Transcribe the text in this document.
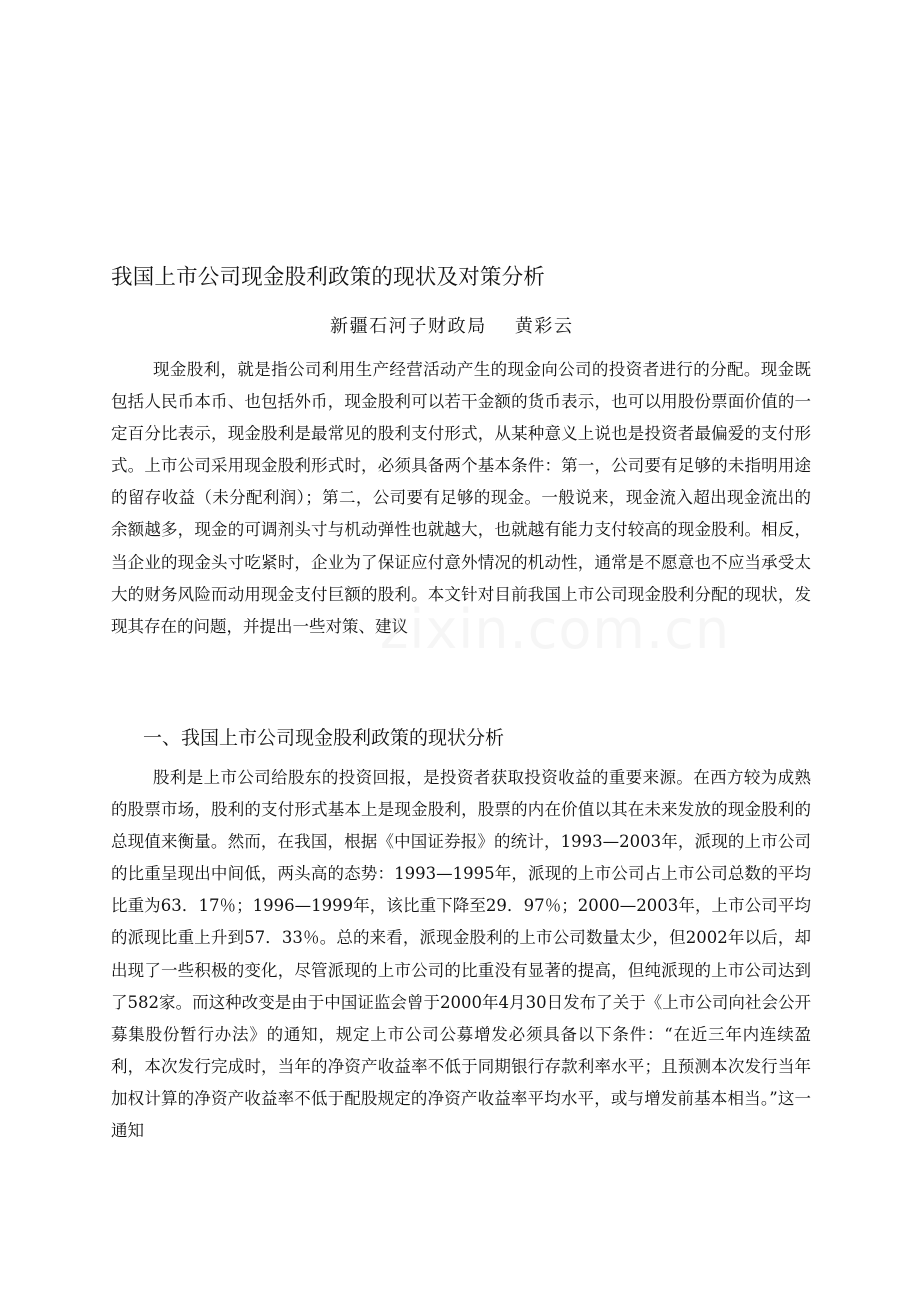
我国上市公司现金股利政策的现状及对策分析
新疆石河子财政局 黄彩云

现金股利，就是指公司利用生产经营活动产生的现金向公司的投资者进行的分配。现金既包括人民币本币、也包括外币，现金股利可以若干金额的货币表示，也可以用股份票面价值的一定百分比表示，现金股利是最常见的股利支付形式，从某种意义上说也是投资者最偏爱的支付形式。上市公司采用现金股利形式时，必须具备两个基本条件：第一，公司要有足够的未指明用途的留存收益（未分配利润）；第二，公司要有足够的现金。一般说来，现金流入超出现金流出的余额越多，现金的可调剂头寸与机动弹性也就越大，也就越有能力支付较高的现金股利。相反，当企业的现金头寸吃紧时，企业为了保证应付意外情况的机动性，通常是不愿意也不应当承受太大的财务风险而动用现金支付巨额的股利。本文针对目前我国上市公司现金股利分配的现状，发现其存在的问题，并提出一些对策、建议

一、我国上市公司现金股利政策的现状分析

股利是上市公司给股东的投资回报，是投资者获取投资收益的重要来源。在西方较为成熟的股票市场，股利的支付形式基本上是现金股利，股票的内在价值以其在未来发放的现金股利的总现值来衡量。然而，在我国，根据《中国证券报》的统计，1993—2003年，派现的上市公司的比重呈现出中间低，两头高的态势：1993—1995年，派现的上市公司占上市公司总数的平均比重为63．17％；1996—1999年，该比重下降至29．97％；2000—2003年，上市公司平均的派现比重上升到57．33％。总的来看，派现金股利的上市公司数量太少，但2002年以后，却出现了一些积极的变化，尽管派现的上市公司的比重没有显著的提高，但纯派现的上市公司达到了582家。而这种改变是由于中国证监会曾于2000年4月30日发布了关于《上市公司向社会公开募集股份暂行办法》的通知，规定上市公司公募增发必须具备以下条件：“在近三年内连续盈利，本次发行完成时，当年的净资产收益率不低于同期银行存款利率水平；且预测本次发行当年加权计算的净资产收益率不低于配股规定的净资产收益率平均水平，或与增发前基本相当。”这一通知

zixin.com.cn
